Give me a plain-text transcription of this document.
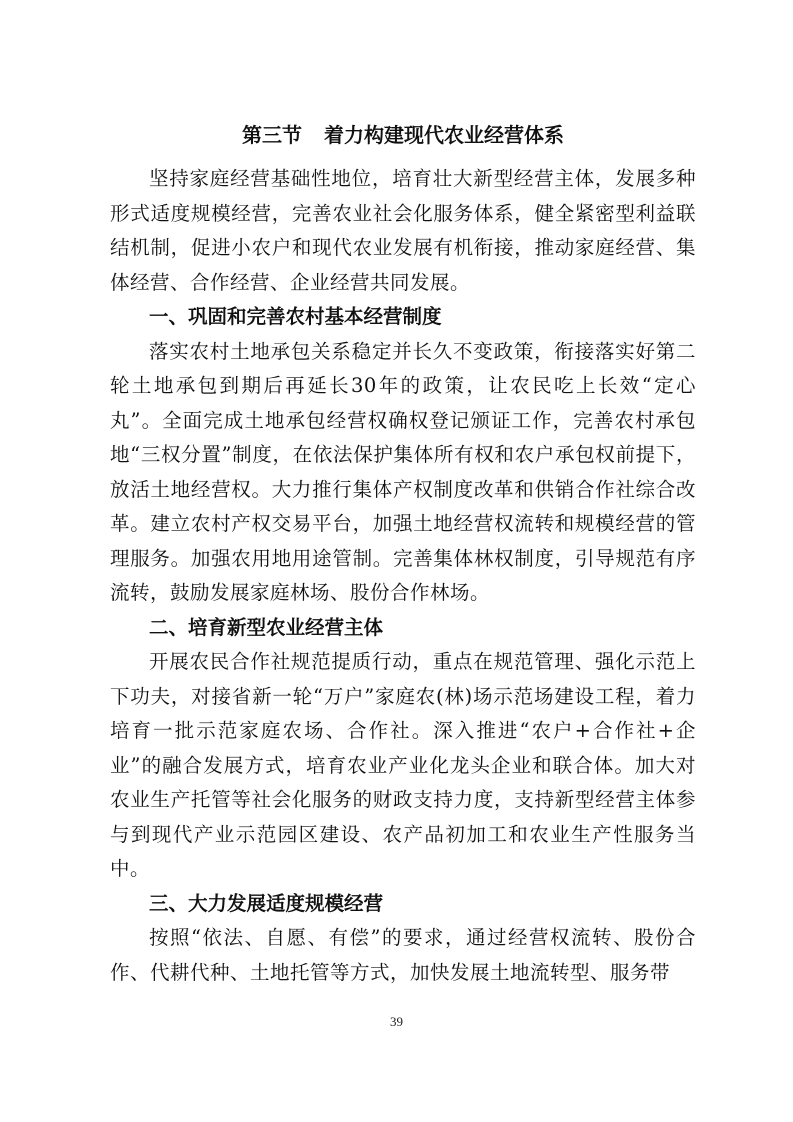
第三节 着力构建现代农业经营体系

坚持家庭经营基础性地位，培育壮大新型经营主体，发展多种形式适度规模经营，完善农业社会化服务体系，健全紧密型利益联结机制，促进小农户和现代农业发展有机衔接，推动家庭经营、集体经营、合作经营、企业经营共同发展。

一、巩固和完善农村基本经营制度

落实农村土地承包关系稳定并长久不变政策，衔接落实好第二轮土地承包到期后再延长30年的政策，让农民吃上长效“定心丸”。全面完成土地承包经营权确权登记颁证工作，完善农村承包地“三权分置”制度，在依法保护集体所有权和农户承包权前提下，放活土地经营权。大力推行集体产权制度改革和供销合作社综合改革。建立农村产权交易平台，加强土地经营权流转和规模经营的管理服务。加强农用地用途管制。完善集体林权制度，引导规范有序流转，鼓励发展家庭林场、股份合作林场。

二、培育新型农业经营主体

开展农民合作社规范提质行动，重点在规范管理、强化示范上下功夫，对接省新一轮“万户”家庭农(林)场示范场建设工程，着力培育一批示范家庭农场、合作社。深入推进“农户+合作社+企业”的融合发展方式，培育农业产业化龙头企业和联合体。加大对农业生产托管等社会化服务的财政支持力度，支持新型经营主体参与到现代产业示范园区建设、农产品初加工和农业生产性服务当中。

三、大力发展适度规模经营

按照“依法、自愿、有偿”的要求，通过经营权流转、股份合作、代耕代种、土地托管等方式，加快发展土地流转型、服务带

39
